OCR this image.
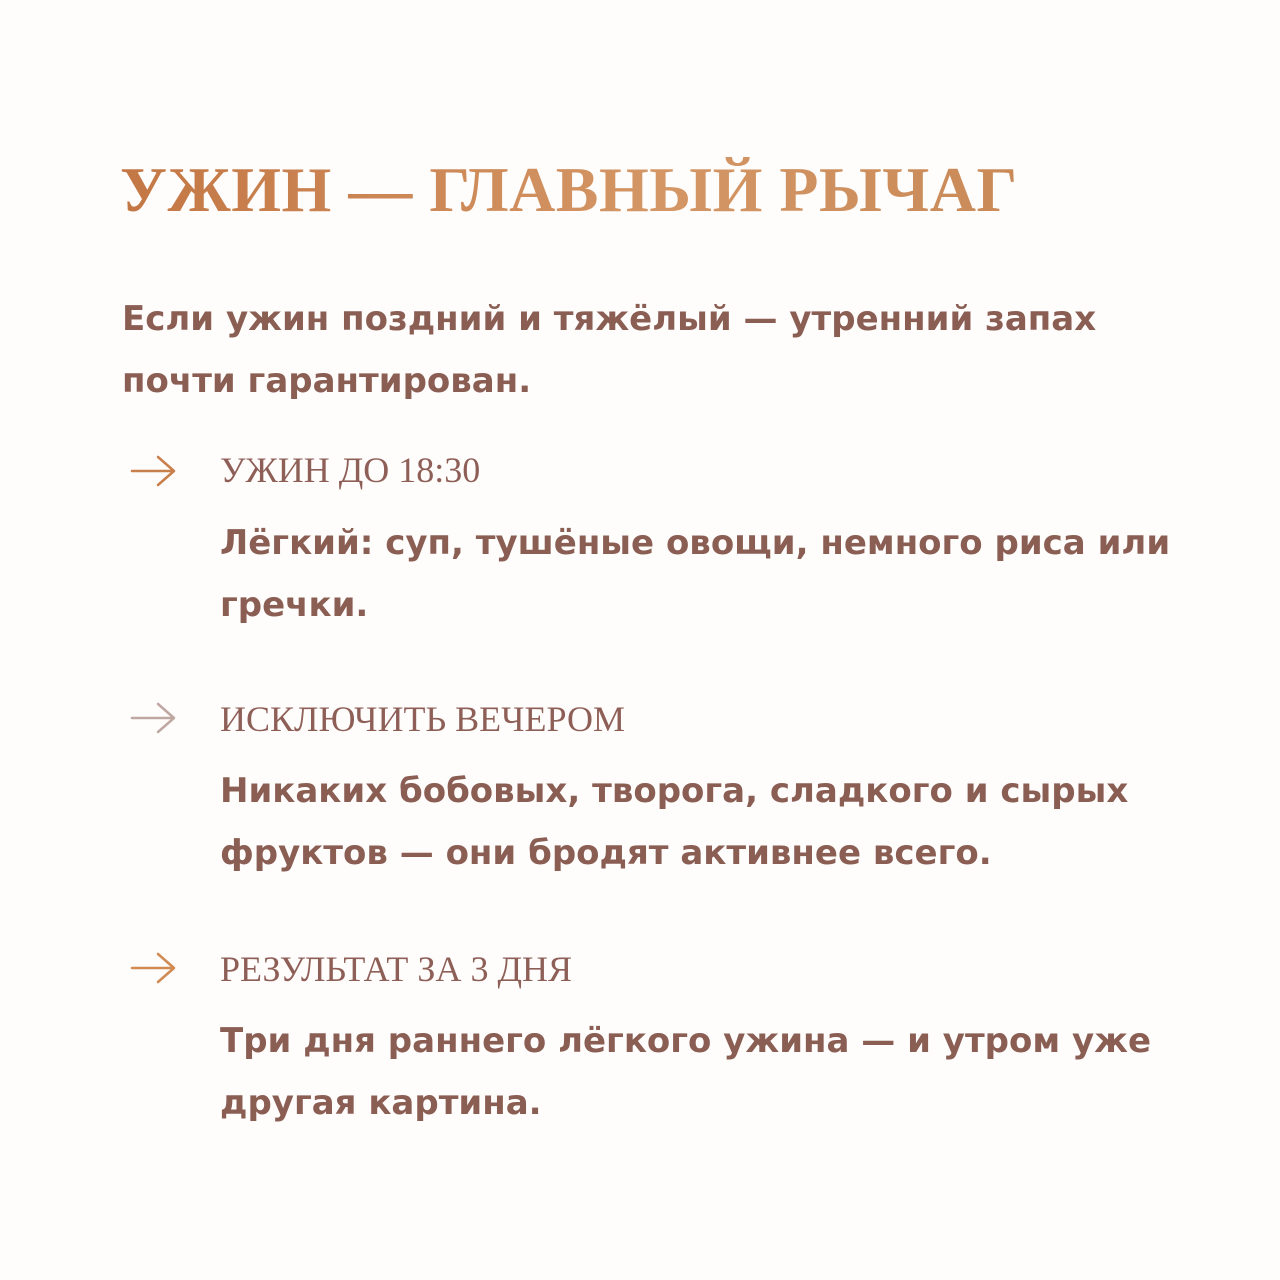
УЖИН — ГЛАВНЫЙ РЫЧАГ

Если ужин поздний и тяжёлый — утренний запах почти гарантирован.

УЖИН ДО 18:30

Лёгкий: суп, тушёные овощи, немного риса или гречки.

ИСКЛЮЧИТЬ ВЕЧЕРОМ

Никаких бобовых, творога, сладкого и сырых фруктов — они бродят активнее всего.

РЕЗУЛЬТАТ ЗА 3 ДНЯ

Три дня раннего лёгкого ужина — и утром уже другая картина.
